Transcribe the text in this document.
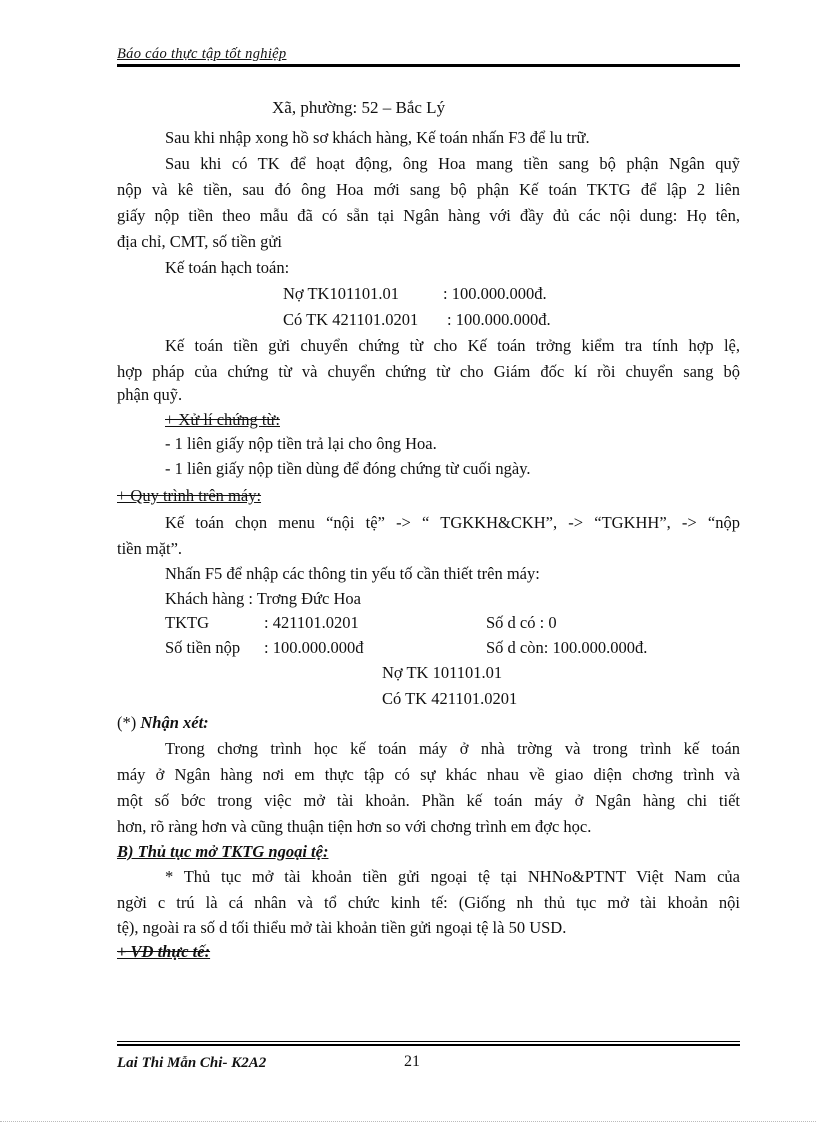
Báo cáo thực tập tốt nghiệp
Xã, phường: 52 – Bắc Lý
Sau khi nhập xong hồ sơ khách hàng, Kế toán nhấn F3 để lu trữ.
Sau khi có TK để hoạt động, ông Hoa mang tiền sang bộ phận Ngân quỹ
nộp và kê tiền, sau đó ông Hoa mới sang bộ phận Kế toán TKTG để lập 2 liên
giấy nộp tiền theo mẫu đã có sẵn tại Ngân hàng với đầy đủ các nội dung: Họ tên,
địa chỉ, CMT, số tiền gửi
Kế toán hạch toán:
Nợ TK101101.01	: 100.000.000đ.
Có TK 421101.0201 : 100.000.000đ.
Kế toán tiền gửi chuyển chứng từ cho Kế toán trởng kiểm tra tính hợp lệ,
hợp pháp của chứng từ và chuyển chứng từ cho Giám đốc kí rồi chuyển sang bộ
phận quỹ.
+ Xử lí chứng từ:
- 1 liên giấy nộp tiền trả lại cho ông Hoa.
- 1 liên giấy nộp tiền dùng để đóng chứng từ cuối ngày.
+ Quy trình trên máy:
Kế toán chọn menu “nội tệ” -> “ TGKKH&CKH”, -> “TGKHH”, -> “nộp
tiền mặt”.
Nhấn F5 để nhập các thông tin yếu tố cần thiết trên máy:
Khách hàng : Trơng Đức Hoa
TKTG	: 421101.0201	Số d có : 0
Số tiền nộp : 100.000.000đ	Số d còn: 100.000.000đ.
Nợ TK 101101.01
Có TK 421101.0201
(*) Nhận xét:
Trong chơng trình học kế toán máy ở nhà trờng và trong trình kế toán
máy ở Ngân hàng nơi em thực tập có sự khác nhau về giao diện chơng trình và
một số bớc trong việc mở tài khoản. Phần kế toán máy ở Ngân hàng chi tiết
hơn, rõ ràng hơn và cũng thuận tiện hơn so với chơng trình em đợc học.
B) Thủ tục mở TKTG ngoại tệ:
* Thủ tục mở tài khoản tiền gửi ngoại tệ tại NHNo&PTNT Việt Nam của
ngời c trú là cá nhân và tổ chức kinh tế: (Giống nh thủ tục mở tài khoản nội
tệ), ngoài ra số d tối thiểu mở tài khoản tiền gửi ngoại tệ là 50 USD.
+ VD thực tế:
Lai Thi Mẫn Chi- K2A2	21
